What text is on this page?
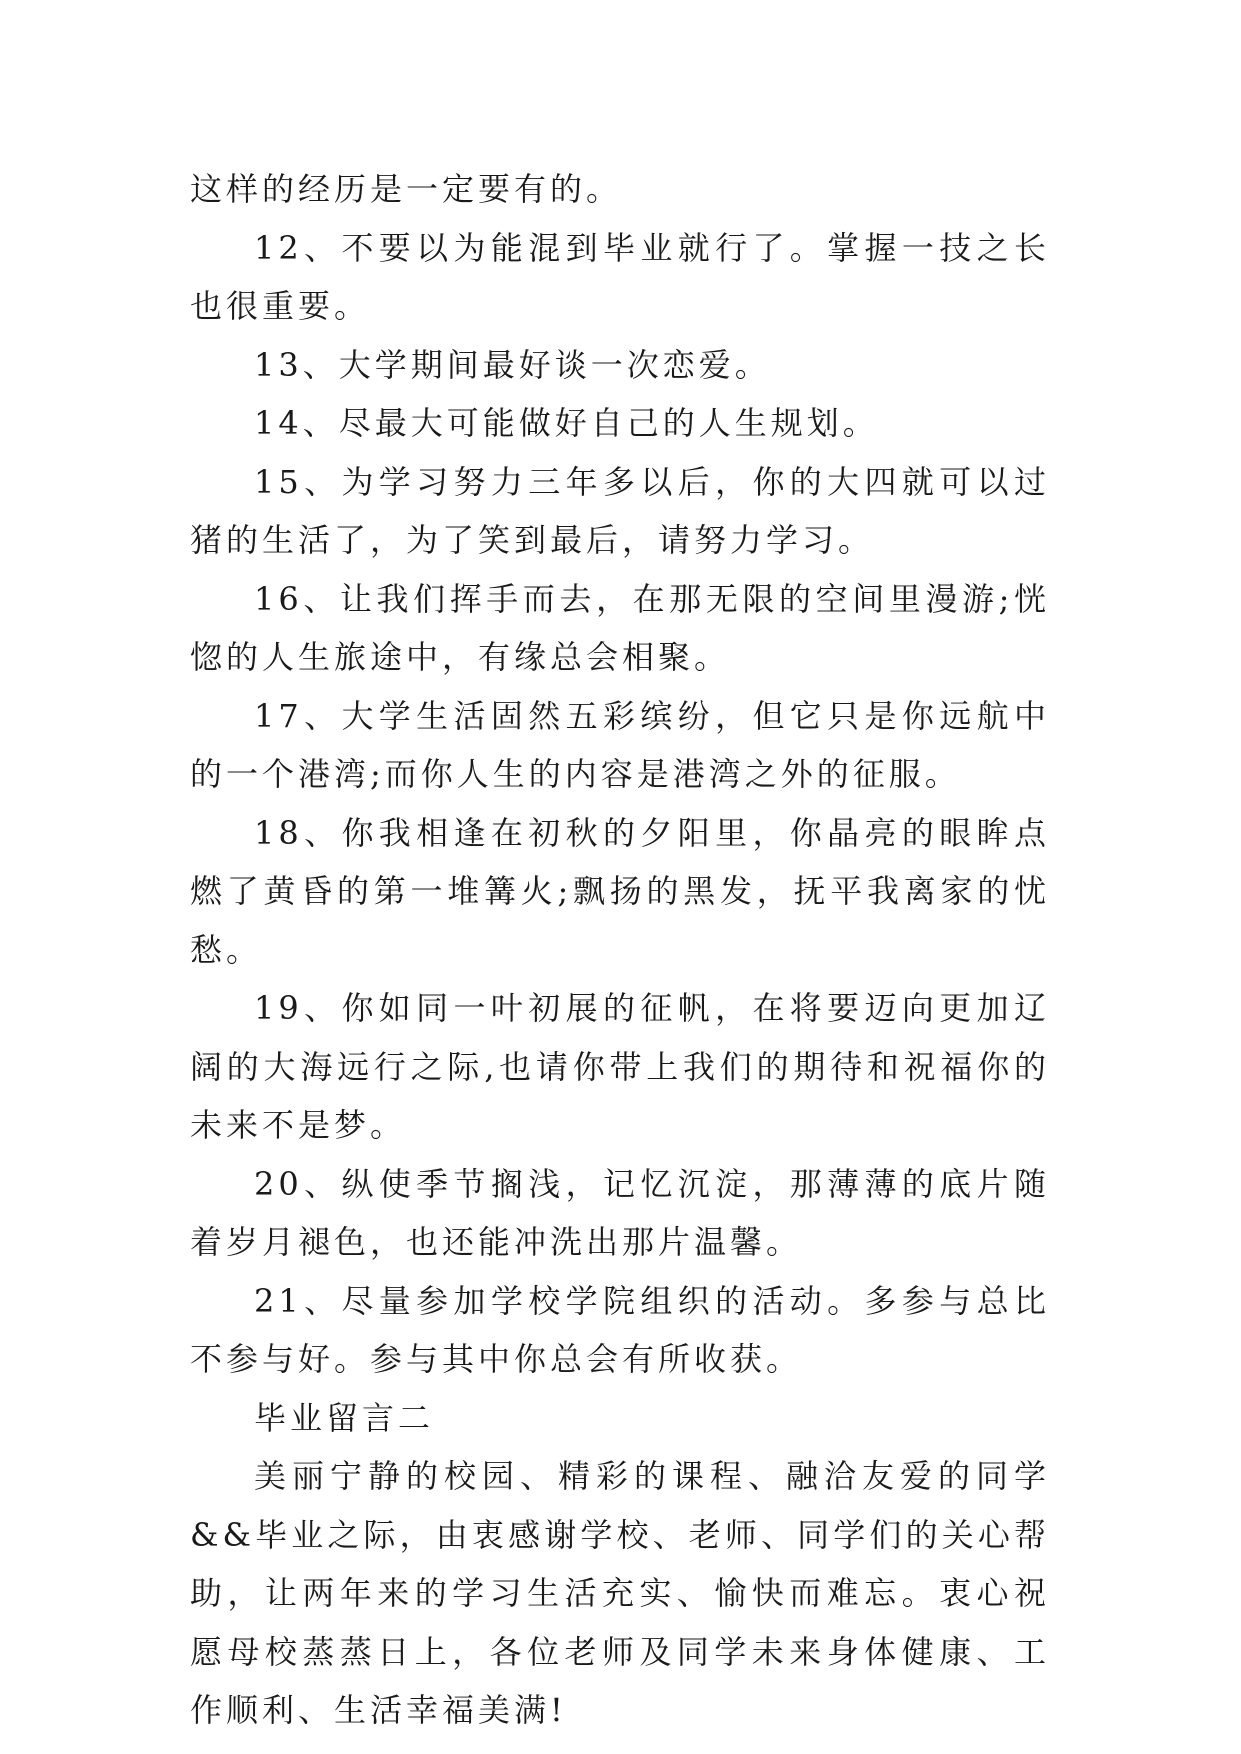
这样的经历是一定要有的。

12、不要以为能混到毕业就行了。掌握一技之长也很重要。

13、大学期间最好谈一次恋爱。

14、尽最大可能做好自己的人生规划。

15、为学习努力三年多以后，你的大四就可以过猪的生活了，为了笑到最后，请努力学习。

16、让我们挥手而去，在那无限的空间里漫游;恍惚的人生旅途中，有缘总会相聚。

17、大学生活固然五彩缤纷，但它只是你远航中的一个港湾;而你人生的内容是港湾之外的征服。

18、你我相逢在初秋的夕阳里，你晶亮的眼眸点燃了黄昏的第一堆篝火;飘扬的黑发，抚平我离家的忧愁。

19、你如同一叶初展的征帆，在将要迈向更加辽阔的大海远行之际,也请你带上我们的期待和祝福你的未来不是梦。

20、纵使季节搁浅，记忆沉淀，那薄薄的底片随着岁月褪色，也还能冲洗出那片温馨。

21、尽量参加学校学院组织的活动。多参与总比不参与好。参与其中你总会有所收获。

毕业留言二

美丽宁静的校园、精彩的课程、融洽友爱的同学&&毕业之际，由衷感谢学校、老师、同学们的关心帮助，让两年来的学习生活充实、愉快而难忘。衷心祝愿母校蒸蒸日上，各位老师及同学未来身体健康、工作顺利、生活幸福美满!
